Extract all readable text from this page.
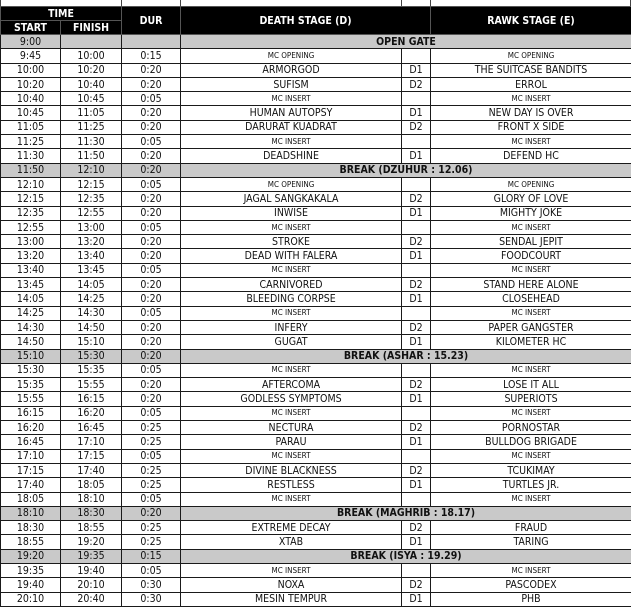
TIME		DUR	DEATH STAGE (D)		RAWK STAGE (E)
START	FINISH				
9:00			OPEN GATE		
9:45	10:00	0:15	MC OPENING		MC OPENING
10:00	10:20	0:20	ARMORGOD	D1	THE SUITCASE BANDITS
10:20	10:40	0:20	SUFISM	D2	ERROL
10:40	10:45	0:05	MC INSERT		MC INSERT
10:45	11:05	0:20	HUMAN AUTOPSY	D1	NEW DAY IS OVER
11:05	11:25	0:20	DARURAT KUADRAT	D2	FRONT X SIDE
11:25	11:30	0:05	MC INSERT		MC INSERT
11:30	11:50	0:20	DEADSHINE	D1	DEFEND HC
11:50	12:10	0:20	BREAK (DZUHUR : 12.06)		
12:10	12:15	0:05	MC OPENING		MC OPENING
12:15	12:35	0:20	JAGAL SANGKAKALA	D2	GLORY OF LOVE
12:35	12:55	0:20	INWISE	D1	MIGHTY JOKE
12:55	13:00	0:05	MC INSERT		MC INSERT
13:00	13:20	0:20	STROKE	D2	SENDAL JEPIT
13:20	13:40	0:20	DEAD WITH FALERA	D1	FOODCOURT
13:40	13:45	0:05	MC INSERT		MC INSERT
13:45	14:05	0:20	CARNIVORED	D2	STAND HERE ALONE
14:05	14:25	0:20	BLEEDING CORPSE	D1	CLOSEHEAD
14:25	14:30	0:05	MC INSERT		MC INSERT
14:30	14:50	0:20	INFERY	D2	PAPER GANGSTER
14:50	15:10	0:20	GUGAT	D1	KILOMETER HC
15:10	15:30	0:20	BREAK (ASHAR : 15.23)		
15:30	15:35	0:05	MC INSERT		MC INSERT
15:35	15:55	0:20	AFTERCOMA	D2	LOSE IT ALL
15:55	16:15	0:20	GODLESS SYMPTOMS	D1	SUPERIOTS
16:15	16:20	0:05	MC INSERT		MC INSERT
16:20	16:45	0:25	NECTURA	D2	PORNOSTAR
16:45	17:10	0:25	PARAU	D1	BULLDOG BRIGADE
17:10	17:15	0:05	MC INSERT		MC INSERT
17:15	17:40	0:25	DIVINE BLACKNESS	D2	TCUKIMAY
17:40	18:05	0:25	RESTLESS	D1	TURTLES JR.
18:05	18:10	0:05	MC INSERT		MC INSERT
18:10	18:30	0:20	BREAK (MAGHRIB : 18.17)		
18:30	18:55	0:25	EXTREME DECAY	D2	FRAUD
18:55	19:20	0:25	XTAB	D1	TARING
19:20	19:35	0:15	BREAK (ISYA : 19.29)		
19:35	19:40	0:05	MC INSERT		MC INSERT
19:40	20:10	0:30	NOXA	D2	PASCODEX
20:10	20:40	0:30	MESIN TEMPUR	D1	PHB
